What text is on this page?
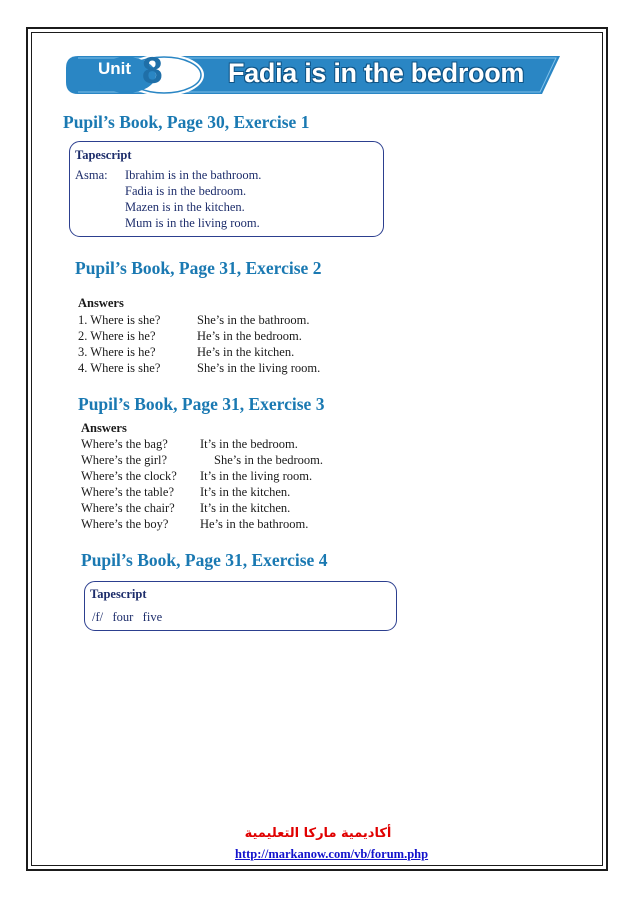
Unit 8 Fadia is in the bedroom
Pupil’s Book, Page 30, Exercise 1
Tapescript
Asma: Ibrahim is in the bathroom.
Fadia is in the bedroom.
Mazen is in the kitchen.
Mum is in the living room.
Pupil’s Book, Page 31, Exercise 2
Answers
1. Where is she?	She’s in the bathroom.
2. Where is he?	He’s in the bedroom.
3. Where is he?	He’s in the kitchen.
4. Where is she?	She’s in the living room.
Pupil’s Book, Page 31, Exercise 3
Answers
Where’s the bag?	It’s in the bedroom.
Where’s the girl?	She’s in the bedroom.
Where’s the clock? It’s in the living room.
Where’s the table? It’s in the kitchen.
Where’s the chair? It’s in the kitchen.
Where’s the boy?	He’s in the bathroom.
Pupil’s Book, Page 31, Exercise 4
Tapescript
/f/   four   five
أكاديمية ماركا التعليمية
http://markanow.com/vb/forum.php
